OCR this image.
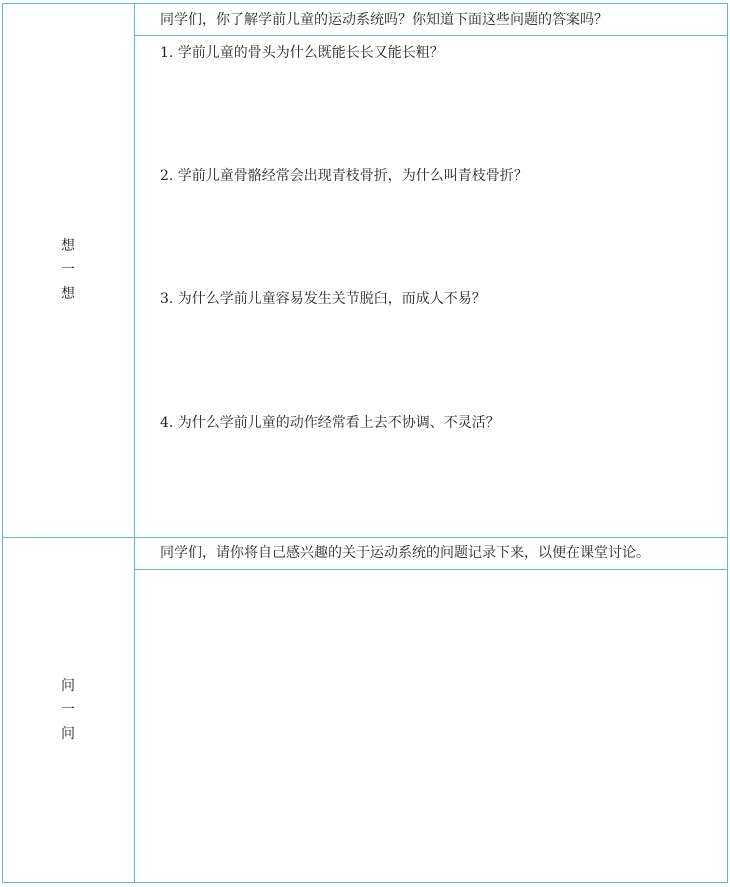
想
一
想
同学们，你了解学前儿童的运动系统吗？你知道下面这些问题的答案吗？
1. 学前儿童的骨头为什么既能长长又能长粗？
2. 学前儿童骨骼经常会出现青枝骨折，为什么叫青枝骨折？
3. 为什么学前儿童容易发生关节脱臼，而成人不易？
4. 为什么学前儿童的动作经常看上去不协调、不灵活？
问
一
问
同学们，请你将自己感兴趣的关于运动系统的问题记录下来，以便在课堂讨论。
